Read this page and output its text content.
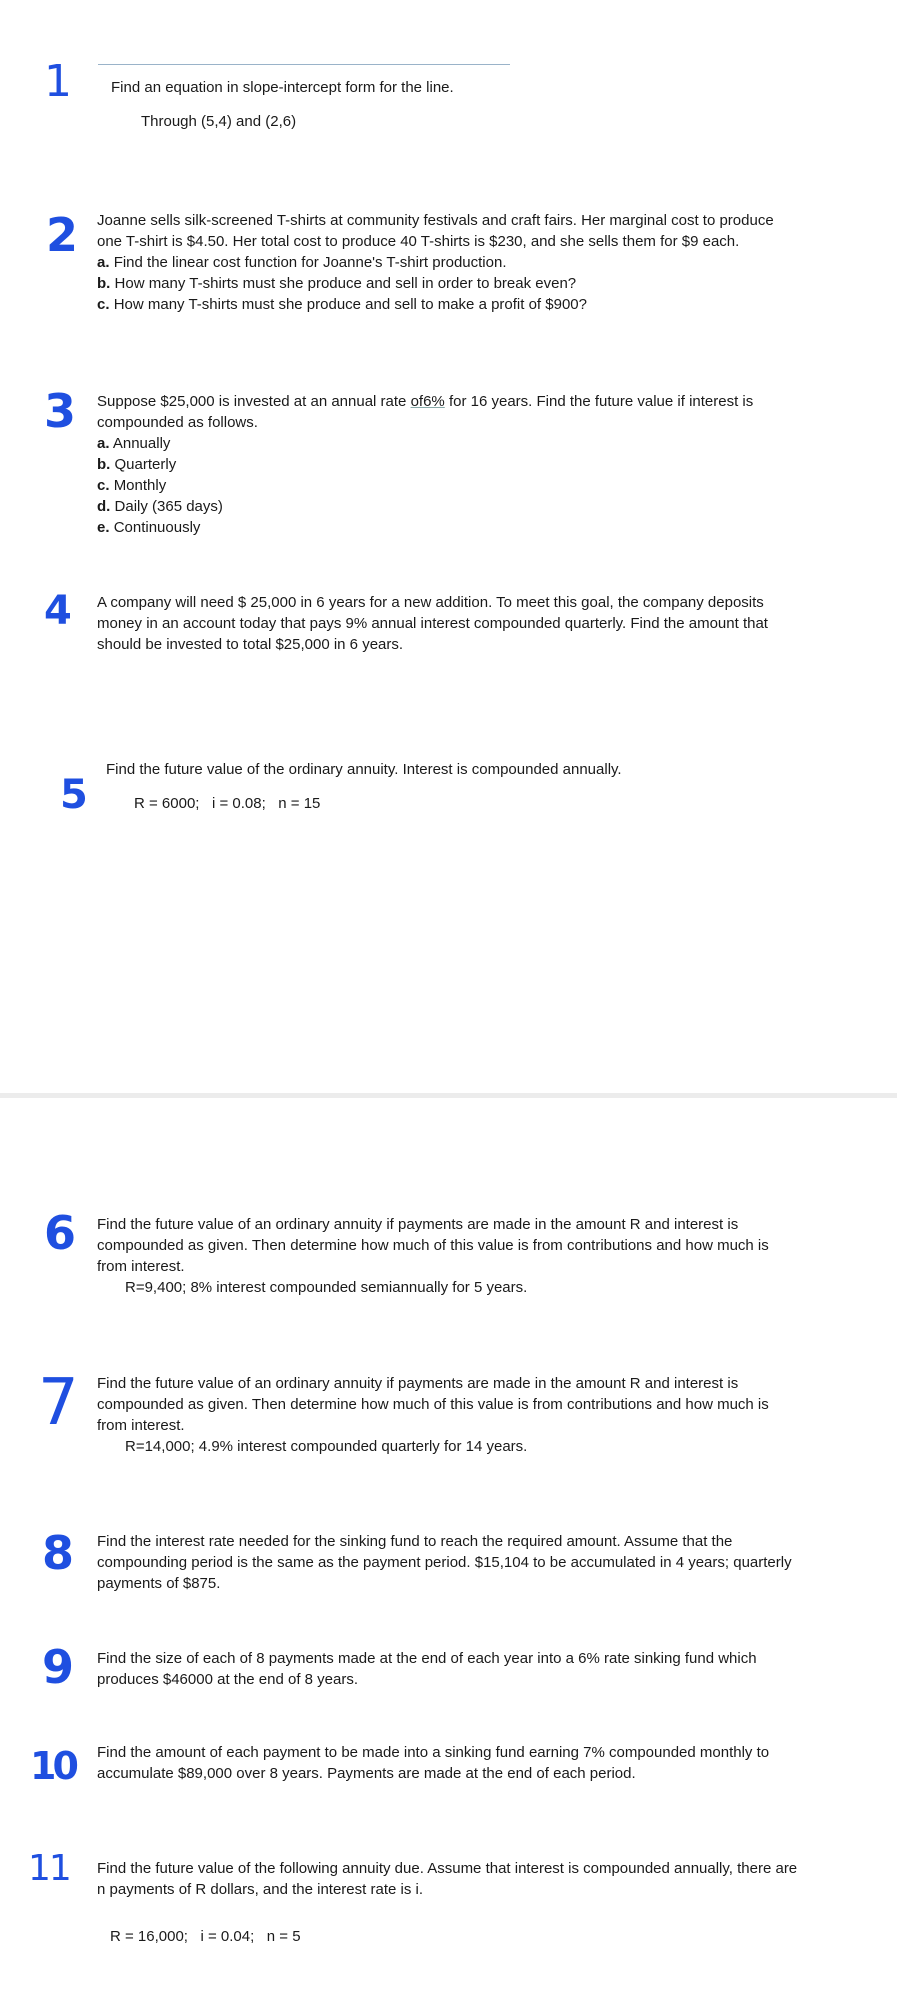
1	Find an equation in slope-intercept form for the line.
Through (5,4) and (2,6)
2 Joanne sells silk-screened T-shirts at community festivals and craft fairs. Her marginal cost to produce

one T-shirt is $4.50. Her total cost to produce 40 T-shirts is $230, and she sells them for $9 each.

a. Find the linear cost function for Joanne's T-shirt production.

b. How many T-shirts must she produce and sell in order to break even?

c. How many T-shirts must she produce and sell to make a profit of $900?

3 Suppose $25,000 is invested at an annual rate of6% for 16 years. Find the future value if interest is

compounded as follows.

a. Annually

b. Quarterly

c. Monthly

d. Daily (365 days)

e. Continuously

4 A company will need $ 25,000 in 6 years for a new addition. To meet this goal, the company deposits

money in an account today that pays 9% annual interest compounded quarterly. Find the amount that

should be invested to total $25,000 in 6 years.

5
Find the future value of the ordinary annuity. Interest is compounded annually.
R = 6000;   i = 0.08;   n = 15
6 Find the future value of an ordinary annuity if payments are made in the amount R and interest is

compounded as given. Then determine how much of this value is from contributions and how much is

from interest.

R=9,400; 8% interest compounded semiannually for 5 years.

7 Find the future value of an ordinary annuity if payments are made in the amount R and interest is

compounded as given. Then determine how much of this value is from contributions and how much is

from interest.

R=14,000; 4.9% interest compounded quarterly for 14 years.

8 Find the interest rate needed for the sinking fund to reach the required amount. Assume that the

compounding period is the same as the payment period. $15,104 to be accumulated in 4 years; quarterly

payments of $875.

9 Find the size of each of 8 payments made at the end of each year into a 6% rate sinking fund which

produces $46000 at the end of 8 years.

10 Find the amount of each payment to be made into a sinking fund earning 7% compounded monthly to

accumulate $89,000 over 8 years. Payments are made at the end of each period.

11 Find the future value of the following annuity due. Assume that interest is compounded annually, there are

n payments of R dollars, and the interest rate is i.

R = 16,000;   i = 0.04;   n = 5
